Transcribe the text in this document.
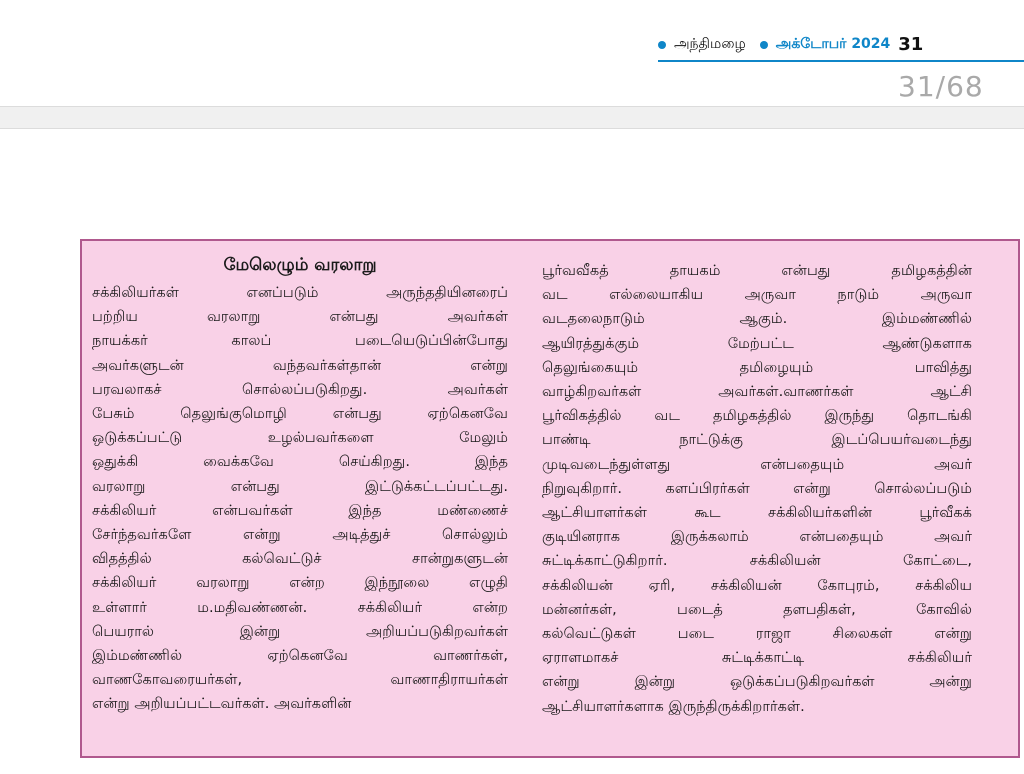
அந்திமழை அக்டோபர் 2024 31
31/68
மேலெழும் வரலாறு
சக்கிலியர்கள் எனப்படும் அருந்ததியினரைப்
பற்றிய வரலாறு என்பது அவர்கள்
நாயக்கர் காலப் படையெடுப்பின்போது
அவர்களுடன் வந்தவர்கள்தான் என்று
பரவலாகச் சொல்லப்படுகிறது. அவர்கள்
பேசும் தெலுங்குமொழி என்பது ஏற்கெனவே
ஒடுக்கப்பட்டு உழல்பவர்களை மேலும்
ஒதுக்கி வைக்கவே செய்கிறது. இந்த
வரலாறு என்பது இட்டுக்கட்டப்பட்டது.
சக்கிலியர் என்பவர்கள் இந்த மண்ணைச்
சேர்ந்தவர்களே என்று அடித்துச் சொல்லும்
விதத்தில் கல்வெட்டுச் சான்றுகளுடன்
சக்கிலியர் வரலாறு என்ற இந்நூலை எழுதி
உள்ளார் ம.மதிவண்ணன். சக்கிலியர் என்ற
பெயரால் இன்று அறியப்படுகிறவர்கள்
இம்மண்ணில் ஏற்கெனவே வாணர்கள்,
வாணகோவரையர்கள், வாணாதிராயர்கள்
என்று அறியப்பட்டவர்கள். அவர்களின்
பூர்வவீகத் தாயகம் என்பது தமிழகத்தின்
வட எல்லையாகிய அருவா நாடும் அருவா
வடதலைநாடும் ஆகும். இம்மண்ணில்
ஆயிரத்துக்கும் மேற்பட்ட ஆண்டுகளாக
தெலுங்கையும் தமிழையும் பாவித்து
வாழ்கிறவர்கள் அவர்கள்.வாணர்கள் ஆட்சி
பூர்விகத்தில் வட தமிழகத்தில் இருந்து தொடங்கி
பாண்டி நாட்டுக்கு இடப்பெயர்வடைந்து
முடிவடைந்துள்ளது என்பதையும் அவர்
நிறுவுகிறார். களப்பிரர்கள் என்று சொல்லப்படும்
ஆட்சியாளர்கள் கூட சக்கிலியர்களின் பூர்வீகக்
குடியினராக இருக்கலாம் என்பதையும் அவர்
சுட்டிக்காட்டுகிறார். சக்கிலியன் கோட்டை,
சக்கிலியன் ஏரி, சக்கிலியன் கோபுரம், சக்கிலிய
மன்னர்கள், படைத் தளபதிகள், கோவில்
கல்வெட்டுகள் படை ராஜா சிலைகள் என்று
ஏராளமாகச் சுட்டிக்காட்டி சக்கிலியர்
என்று இன்று ஒடுக்கப்படுகிறவர்கள் அன்று
ஆட்சியாளர்களாக இருந்திருக்கிறார்கள்.
